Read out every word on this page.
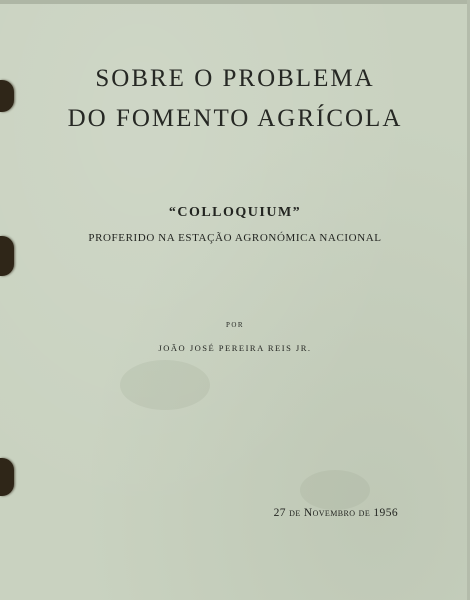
SOBRE O PROBLEMA
DO FOMENTO AGRÍCOLA
“COLLOQUIUM”
PROFERIDO NA ESTAÇÃO AGRONÓMICA NACIONAL
POR
JOÃO JOSÉ PEREIRA REIS JR.
27 de Novembro de 1956
